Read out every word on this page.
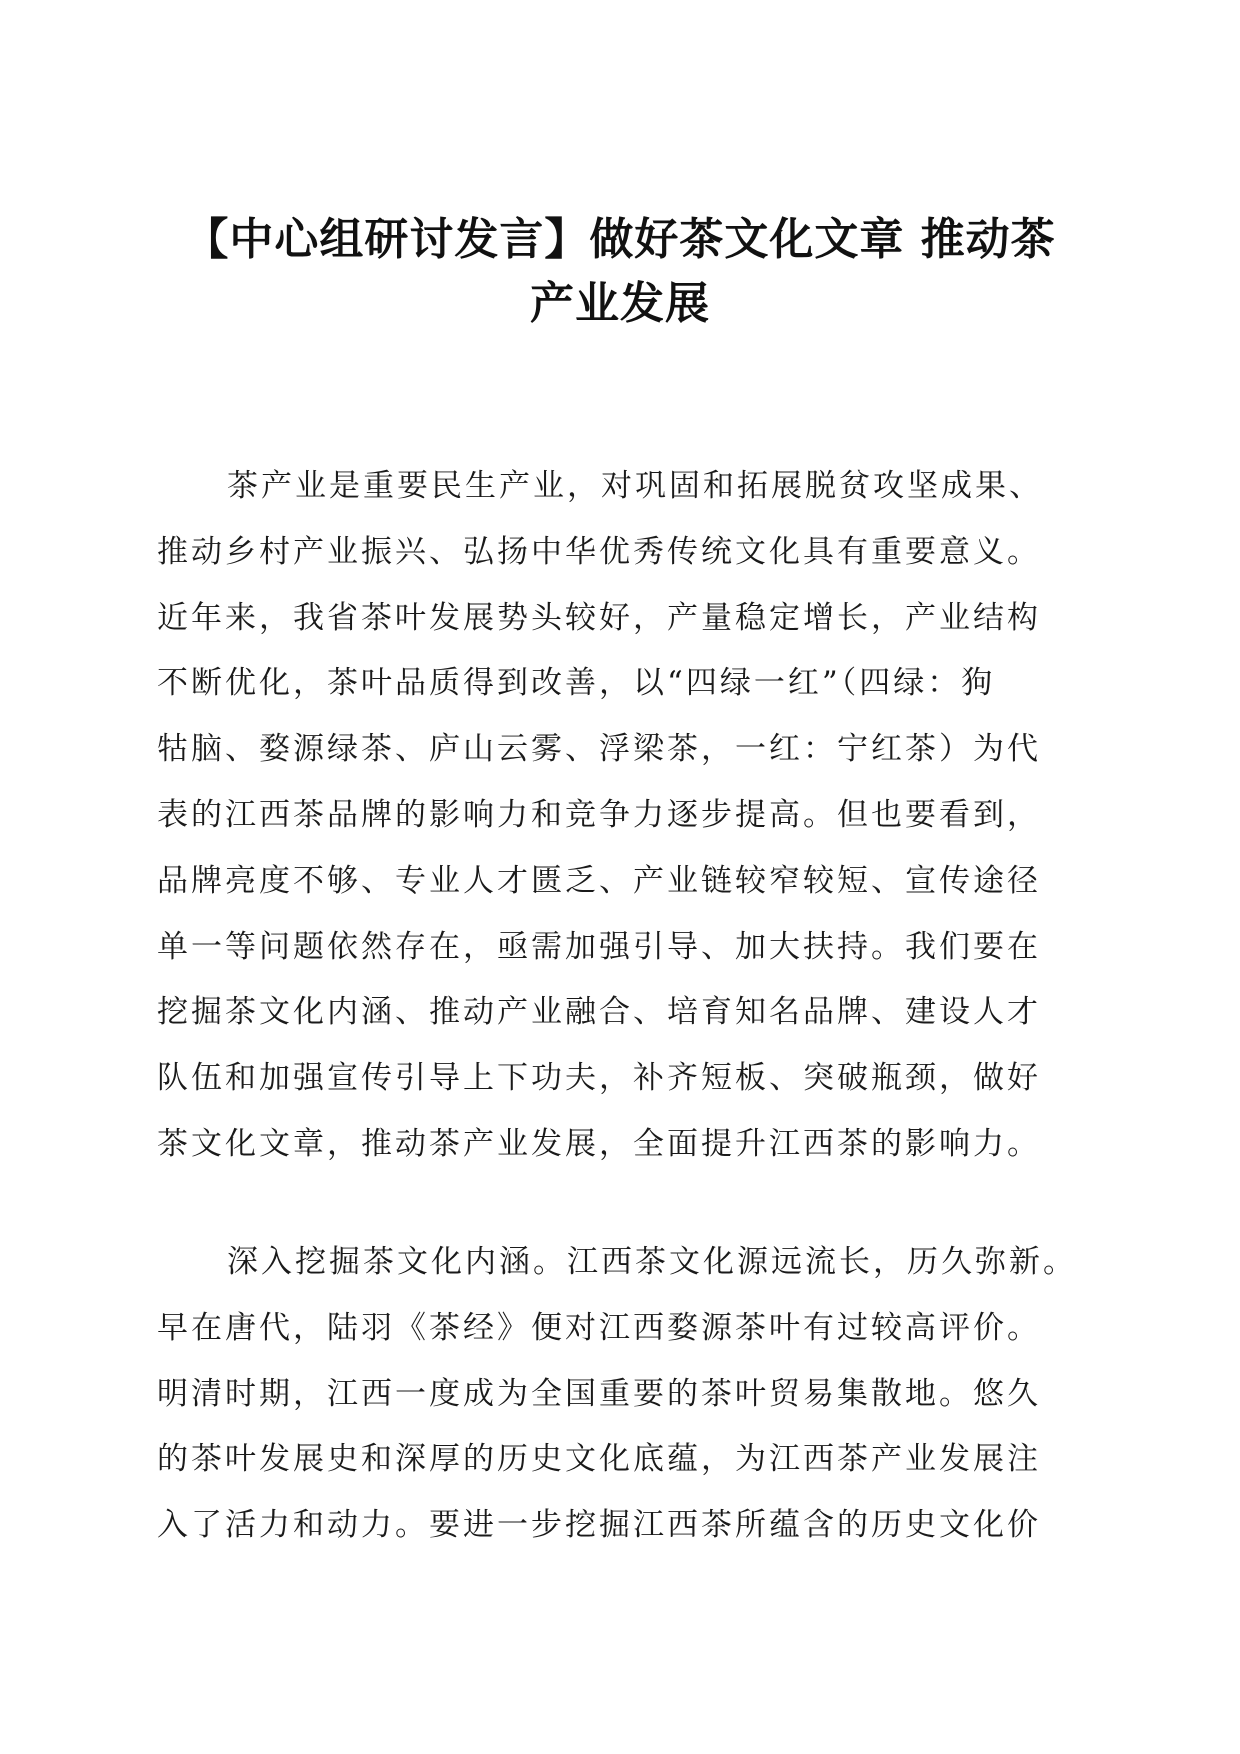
【中心组研讨发言】做好茶文化文章 推动茶
产业发展
茶产业是重要民生产业，对巩固和拓展脱贫攻坚成果、
推动乡村产业振兴、弘扬中华优秀传统文化具有重要意义。
近年来，我省茶叶发展势头较好，产量稳定增长，产业结构
不断优化，茶叶品质得到改善，以“四绿一红”（四绿：狗
牯脑、婺源绿茶、庐山云雾、浮梁茶，一红：宁红茶）为代
表的江西茶品牌的影响力和竞争力逐步提高。但也要看到，
品牌亮度不够、专业人才匮乏、产业链较窄较短、宣传途径
单一等问题依然存在，亟需加强引导、加大扶持。我们要在
挖掘茶文化内涵、推动产业融合、培育知名品牌、建设人才
队伍和加强宣传引导上下功夫，补齐短板、突破瓶颈，做好
茶文化文章，推动茶产业发展，全面提升江西茶的影响力。
深入挖掘茶文化内涵。江西茶文化源远流长，历久弥新。
早在唐代，陆羽《茶经》便对江西婺源茶叶有过较高评价。
明清时期，江西一度成为全国重要的茶叶贸易集散地。悠久
的茶叶发展史和深厚的历史文化底蕴，为江西茶产业发展注
入了活力和动力。要进一步挖掘江西茶所蕴含的历史文化价
